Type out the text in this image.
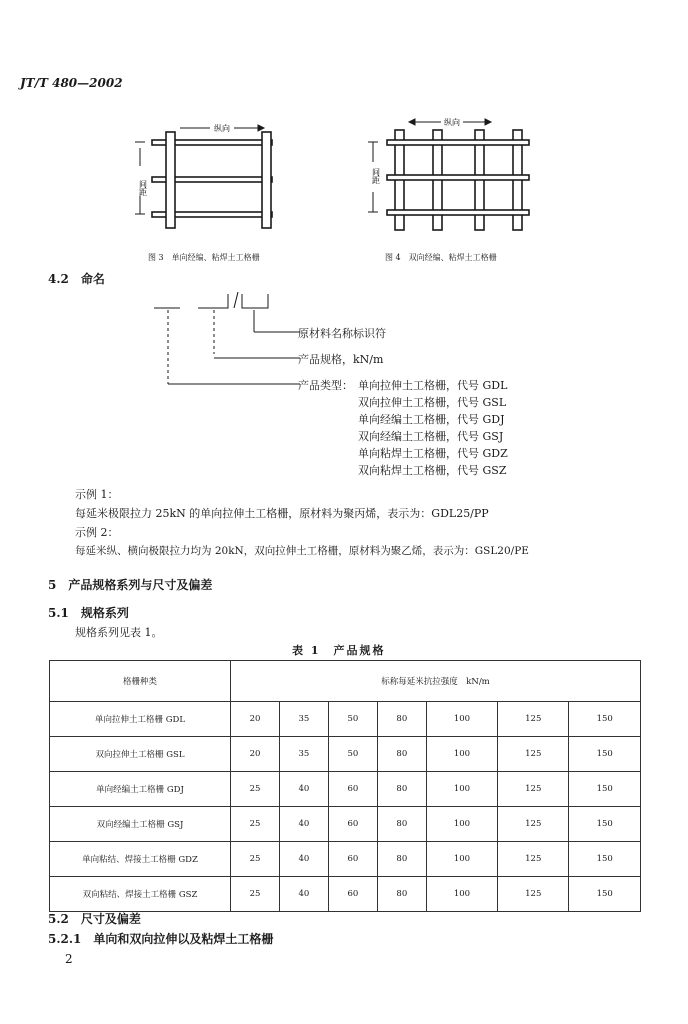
JT/T 480—2002
纵向
间距
图 3　单向经编、粘焊土工格栅
纵向
间距
图 4　双向经编、粘焊土工格栅
4.2　命名
原材料名称标识符
产品规格，kN/m
产品类型： 单向拉伸土工格栅，代号 GDL
双向拉伸土工格栅，代号 GSL
单向经编土工格栅，代号 GDJ
双向经编土工格栅，代号 GSJ
单向粘焊土工格栅，代号 GDZ
双向粘焊土工格栅，代号 GSZ
示例 1：
每延米极限拉力 25kN 的单向拉伸土工格栅，原材料为聚丙烯，表示为：GDL25/PP
示例 2：
每延米纵、横向极限拉力均为 20kN，双向拉伸土工格栅，原材料为聚乙烯，表示为：GSL20/PE
5　产品规格系列与尺寸及偏差
5.1　规格系列
规格系列见表 1。
表 1　产品规格
格栅种类	标称每延米抗拉强度　kN/m						
单向拉伸土工格栅 GDL	20	35	50	80	100	125	150
双向拉伸土工格栅 GSL	20	35	50	80	100	125	150
单向经编土工格栅 GDJ	25	40	60	80	100	125	150
双向经编土工格栅 GSJ	25	40	60	80	100	125	150
单向粘结、焊接土工格栅 GDZ	25	40	60	80	100	125	150
双向粘结、焊接土工格栅 GSZ	25	40	60	80	100	125	150
5.2　尺寸及偏差
5.2.1　单向和双向拉伸以及粘焊土工格栅
2
